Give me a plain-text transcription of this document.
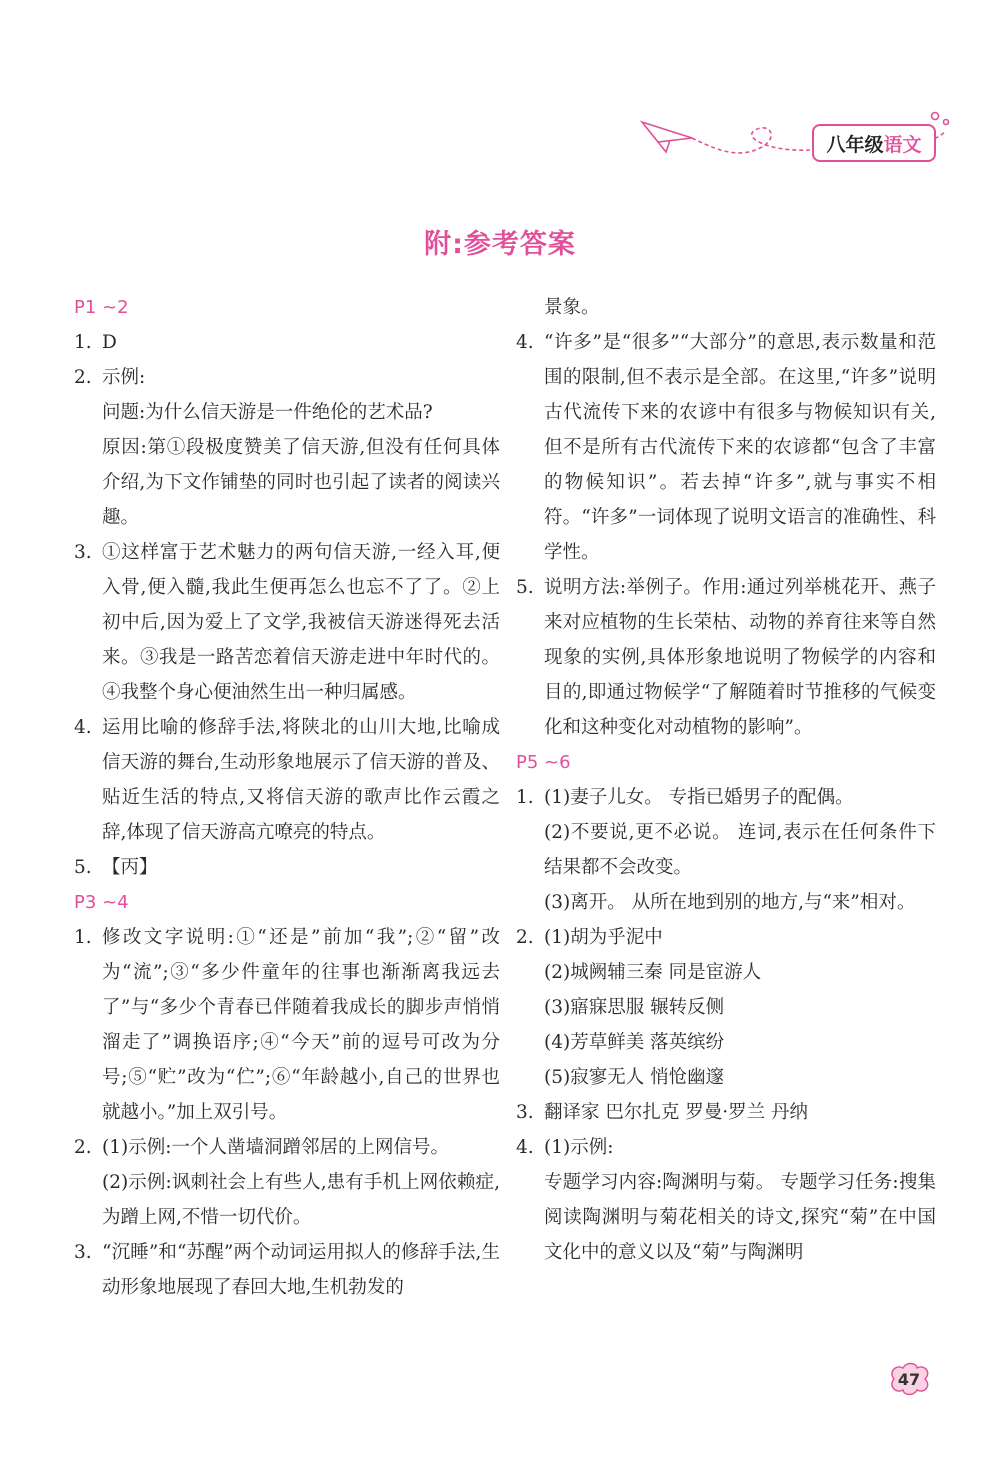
八年级 语文
附:参考答案
P1 ~2
1. D
2. 示例:
问题:为什么信天游是一件绝伦的艺术品?
原因:第①段极度赞美了信天游,但没有任何具体介绍,为下文作铺垫的同时也引起了读者的阅读兴趣。
3. ①这样富于艺术魅力的两句信天游,一经入耳,便入骨,便入髓,我此生便再怎么也忘不了了。②上初中后,因为爱上了文学,我被信天游迷得死去活来。③我是一路苦恋着信天游走进中年时代的。④我整个身心便油然生出一种归属感。
4. 运用比喻的修辞手法,将陕北的山川大地,比喻成信天游的舞台,生动形象地展示了信天游的普及、贴近生活的特点,又将信天游的歌声比作云霞之辞,体现了信天游高亢嘹亮的特点。
5. 【丙】
P3 ~4
1. 修改文字说明:①“还是”前加“我”;②“留”改为“流”;③“多少件童年的往事也渐渐离我远去了”与“多少个青春已伴随着我成长的脚步声悄悄溜走了”调换语序;④“今天”前的逗号可改为分号;⑤“贮”改为“伫”;⑥“年龄越小,自己的世界也就越小。”加上双引号。
2. (1)示例:一个人凿墙洞蹭邻居的上网信号。
(2)示例:讽刺社会上有些人,患有手机上网依赖症,为蹭上网,不惜一切代价。
3. “沉睡”和“苏醒”两个动词运用拟人的修辞手法,生动形象地展现了春回大地,生机勃发的
景象。
4. “许多”是“很多”“大部分”的意思,表示数量和范围的限制,但不表示是全部。在这里,“许多”说明古代流传下来的农谚中有很多与物候知识有关,但不是所有古代流传下来的农谚都“包含了丰富的物候知识”。若去掉“许多”,就与事实不相符。“许多”一词体现了说明文语言的准确性、科学性。
5. 说明方法:举例子。作用:通过列举桃花开、燕子来对应植物的生长荣枯、动物的养育往来等自然现象的实例,具体形象地说明了物候学的内容和目的,即通过物候学“了解随着时节推移的气候变化和这种变化对动植物的影响”。
P5 ~6
1. (1)妻子儿女。 专指已婚男子的配偶。
(2)不要说,更不必说。 连词,表示在任何条件下结果都不会改变。
(3)离开。 从所在地到别的地方,与“来”相对。
2. (1)胡为乎泥中
(2)城阙辅三秦 同是宦游人
(3)寤寐思服 辗转反侧
(4)芳草鲜美 落英缤纷
(5)寂寥无人 悄怆幽邃
3. 翻译家 巴尔扎克 罗曼·罗兰 丹纳
4. (1)示例:
专题学习内容:陶渊明与菊。 专题学习任务:搜集阅读陶渊明与菊花相关的诗文,探究“菊”在中国文化中的意义以及“菊”与陶渊明
47
